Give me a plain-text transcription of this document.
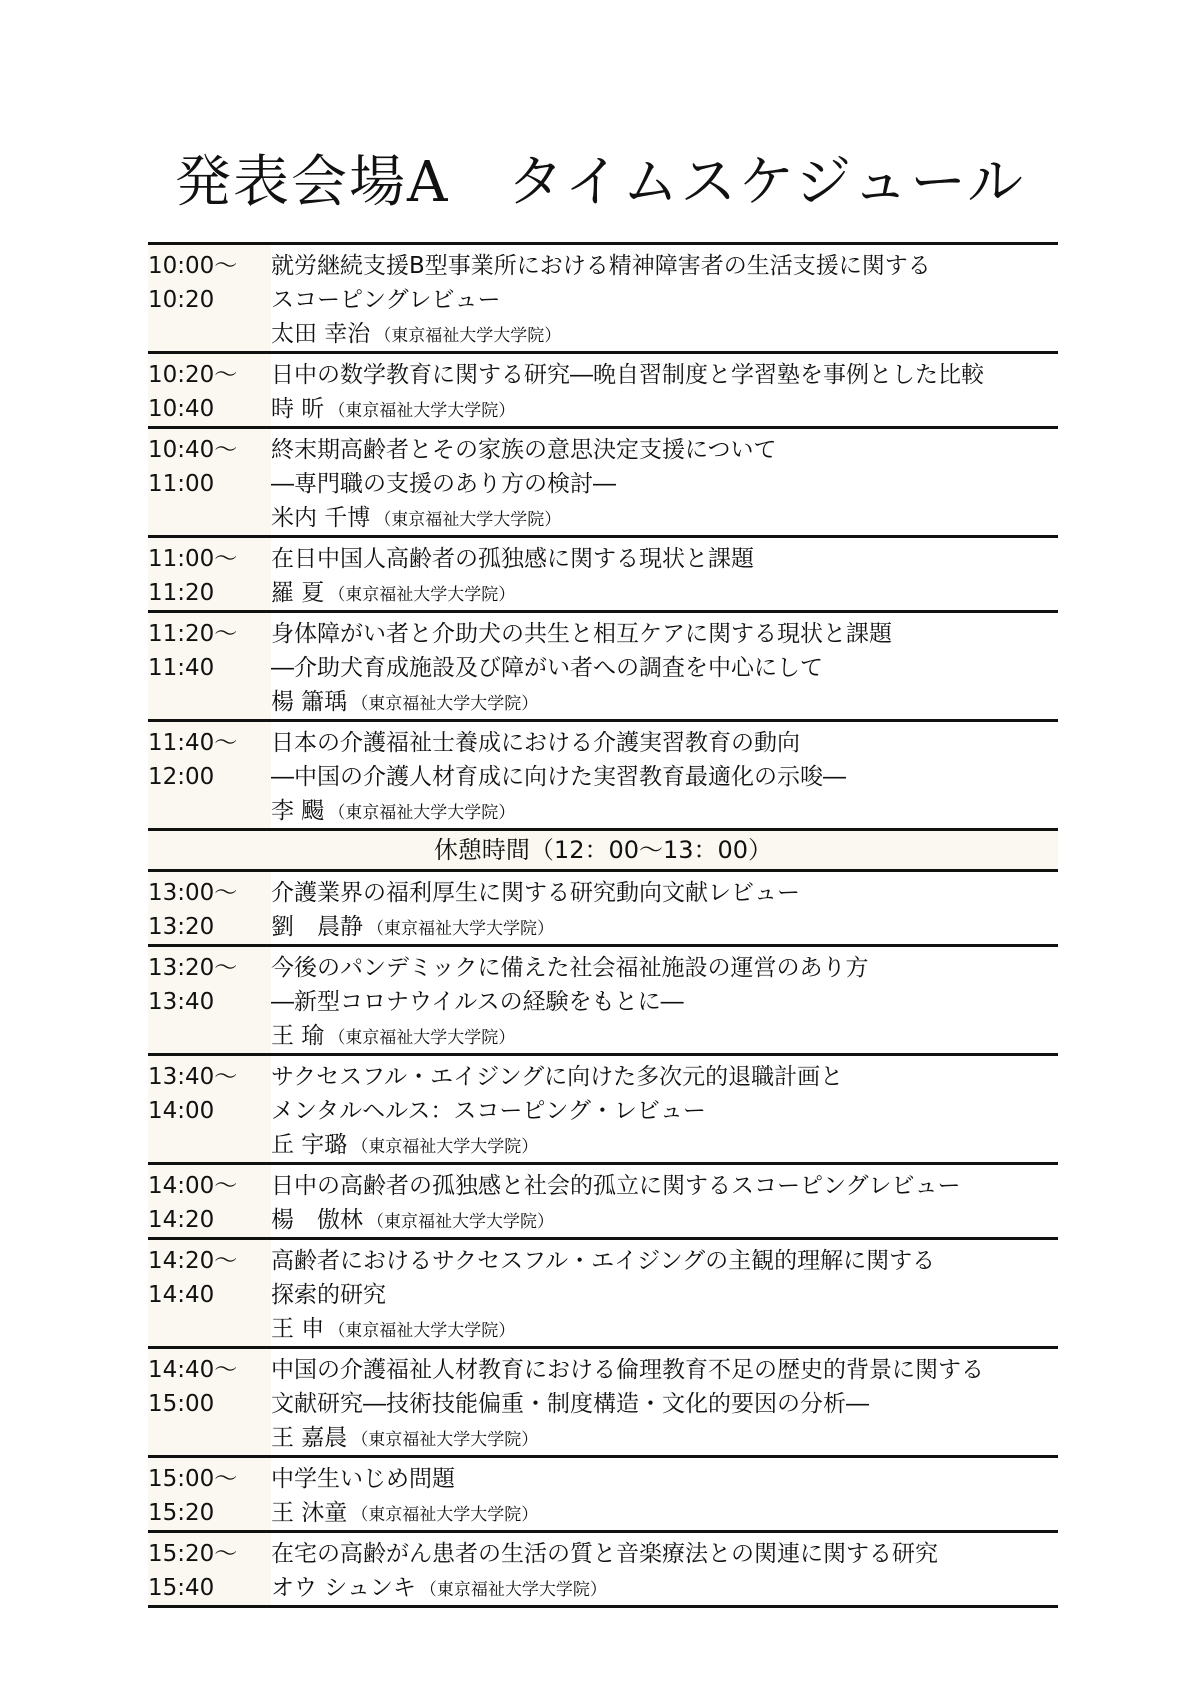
発表会場A　タイムスケジュール
10:00～
10:20
就労継続支援B型事業所における精神障害者の生活支援に関する
スコーピングレビュー
太田 幸治 （東京福祉大学大学院）
10:20～
10:40
日中の数学教育に関する研究―晩自習制度と学習塾を事例とした比較
時 昕 （東京福祉大学大学院）
10:40～
11:00
終末期高齢者とその家族の意思決定支援について
―専門職の支援のあり方の検討―
米内 千博 （東京福祉大学大学院）
11:00～
11:20
在日中国人高齢者の孤独感に関する現状と課題
羅 夏 （東京福祉大学大学院）
11:20～
11:40
身体障がい者と介助犬の共生と相互ケアに関する現状と課題
―介助犬育成施設及び障がい者への調査を中心にして
楊 簫瑀 （東京福祉大学大学院）
11:40～
12:00
日本の介護福祉士養成における介護実習教育の動向
―中国の介護人材育成に向けた実習教育最適化の示唆―
李 颺 （東京福祉大学大学院）
休憩時間（12：00～13：00）
13:00～
13:20
介護業界の福利厚生に関する研究動向文献レビュー
劉　晨静 （東京福祉大学大学院）
13:20～
13:40
今後のパンデミックに備えた社会福祉施設の運営のあり方
―新型コロナウイルスの経験をもとに―
王 瑜 （東京福祉大学大学院）
13:40～
14:00
サクセスフル・エイジングに向けた多次元的退職計画と
メンタルヘルス：スコーピング・レビュー
丘 宇璐 （東京福祉大学大学院）
14:00～
14:20
日中の高齢者の孤独感と社会的孤立に関するスコーピングレビュー
楊　傲林 （東京福祉大学大学院）
14:20～
14:40
高齢者におけるサクセスフル・エイジングの主観的理解に関する
探索的研究
王 申 （東京福祉大学大学院）
14:40～
15:00
中国の介護福祉人材教育における倫理教育不足の歴史的背景に関する
文献研究―技術技能偏重・制度構造・文化的要因の分析―
王 嘉晨 （東京福祉大学大学院）
15:00～
15:20
中学生いじめ問題
王 沐童 （東京福祉大学大学院）
15:20～
15:40
在宅の高齢がん患者の生活の質と音楽療法との関連に関する研究
オウ シュンキ （東京福祉大学大学院）
